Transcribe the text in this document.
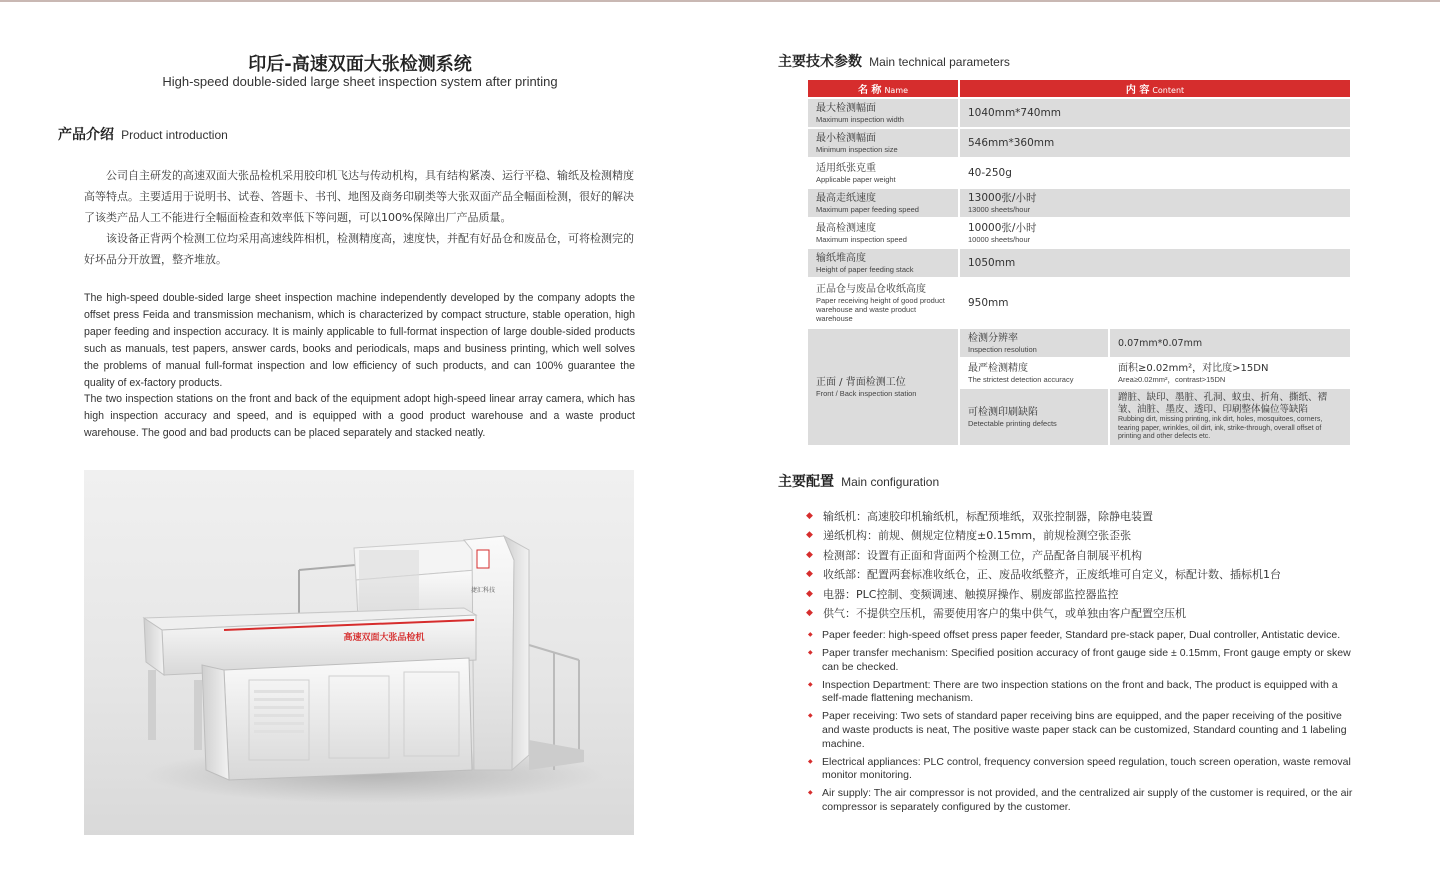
印后-高速双面大张检测系统
High-speed double-sided large sheet inspection system after printing
产品介绍 Product introduction

公司自主研发的高速双面大张品检机采用胶印机飞达与传动机构，具有结构紧凑、运行平稳、输纸及检测精度高等特点。主要适用于说明书、试卷、答题卡、书刊、地图及商务印刷类等大张双面产品全幅面检测，很好的解决了该类产品人工不能进行全幅面检查和效率低下等问题，可以100%保障出厂产品质量。

该设备正背两个检测工位均采用高速线阵相机，检测精度高，速度快，并配有好品仓和废品仓，可将检测完的好坏品分开放置，整齐堆放。

The high-speed double-sided large sheet inspection machine independently developed by the company adopts the offset press Feida and transmission mechanism, which is characterized by compact structure, stable operation, high paper feeding and inspection accuracy. It is mainly applicable to full-format inspection of large double-sided products such as manuals, test papers, answer cards, books and periodicals, maps and business printing, which well solves the problems of manual full-format inspection and low efficiency of such products, and can 100% guarantee the quality of ex-factory products.

The two inspection stations on the front and back of the equipment adopt high-speed linear array camera, which has high inspection accuracy and speed, and is equipped with a good product warehouse and a waste product warehouse. The good and bad products can be placed separately and stacked neatly.

捷汇科技
高速双面大张品检机
主要技术参数 Main technical parameters
名 称 Name	内 容 Content	

最大检测幅面
Maximum inspection width	1040mm*740mm	

最小检测幅面
Minimum inspection size	546mm*360mm	

适用纸张克重
Applicable paper weight	40-250g	

最高走纸速度
Maximum paper feeding speed	13000张/小时
13000 sheets/hour	

最高检测速度
Maximum inspection speed	10000张/小时
10000 sheets/hour	

输纸堆高度
Height of paper feeding stack	1050mm	

正品仓与废品仓收纸高度
Paper receiving height of good product warehouse and waste product warehouse	950mm	

正面 / 背面检测工位
Front / Back inspection station	检测分辨率
Inspection resolution	0.07mm*0.07mm

	最严检测精度
The strictest detection accuracy	面积≥0.02mm²，对比度>15DN
Area≥0.02mm²，contrast>15DN

	可检测印刷缺陷
Detectable printing defects	蹭脏、缺印、墨脏、孔洞、蚊虫、折角、撕纸、褶皱、油脏、墨皮、透印、印刷整体偏位等缺陷
Rubbing dirt, missing printing, ink dirt, holes, mosquitoes, corners, tearing paper, wrinkles, oil dirt, ink, strike-through, overall offset of printing and other defects etc.
主要配置 Main configuration
◆ 输纸机：高速胶印机输纸机，标配预堆纸，双张控制器，除静电装置
◆ 递纸机构：前规、侧规定位精度±0.15mm，前规检测空张歪张
◆ 检测部：设置有正面和背面两个检测工位，产品配备自制展平机构
◆ 收纸部：配置两套标准收纸仓，正、废品收纸整齐，正废纸堆可自定义，标配计数、插标机1台
◆ 电器：PLC控制、变频调速、触摸屏操作、剔废部监控器监控
◆ 供气：不提供空压机，需要使用客户的集中供气，或单独由客户配置空压机
◆ Paper feeder: high-speed offset press paper feeder, Standard pre-stack paper, Dual controller, Antistatic device.
◆ Paper transfer mechanism: Specified position accuracy of front gauge side ± 0.15mm, Front gauge empty or skew can be checked.
◆ Inspection Department: There are two inspection stations on the front and back, The product is equipped with a self-made flattening mechanism.
◆ Paper receiving: Two sets of standard paper receiving bins are equipped, and the paper receiving of the positive and waste products is neat, The positive waste paper stack can be customized, Standard counting and 1 labeling machine.
◆ Electrical appliances: PLC control, frequency conversion speed regulation, touch screen operation, waste removal monitor monitoring.
◆ Air supply: The air compressor is not provided, and the centralized air supply of the customer is required, or the air compressor is separately configured by the customer.
